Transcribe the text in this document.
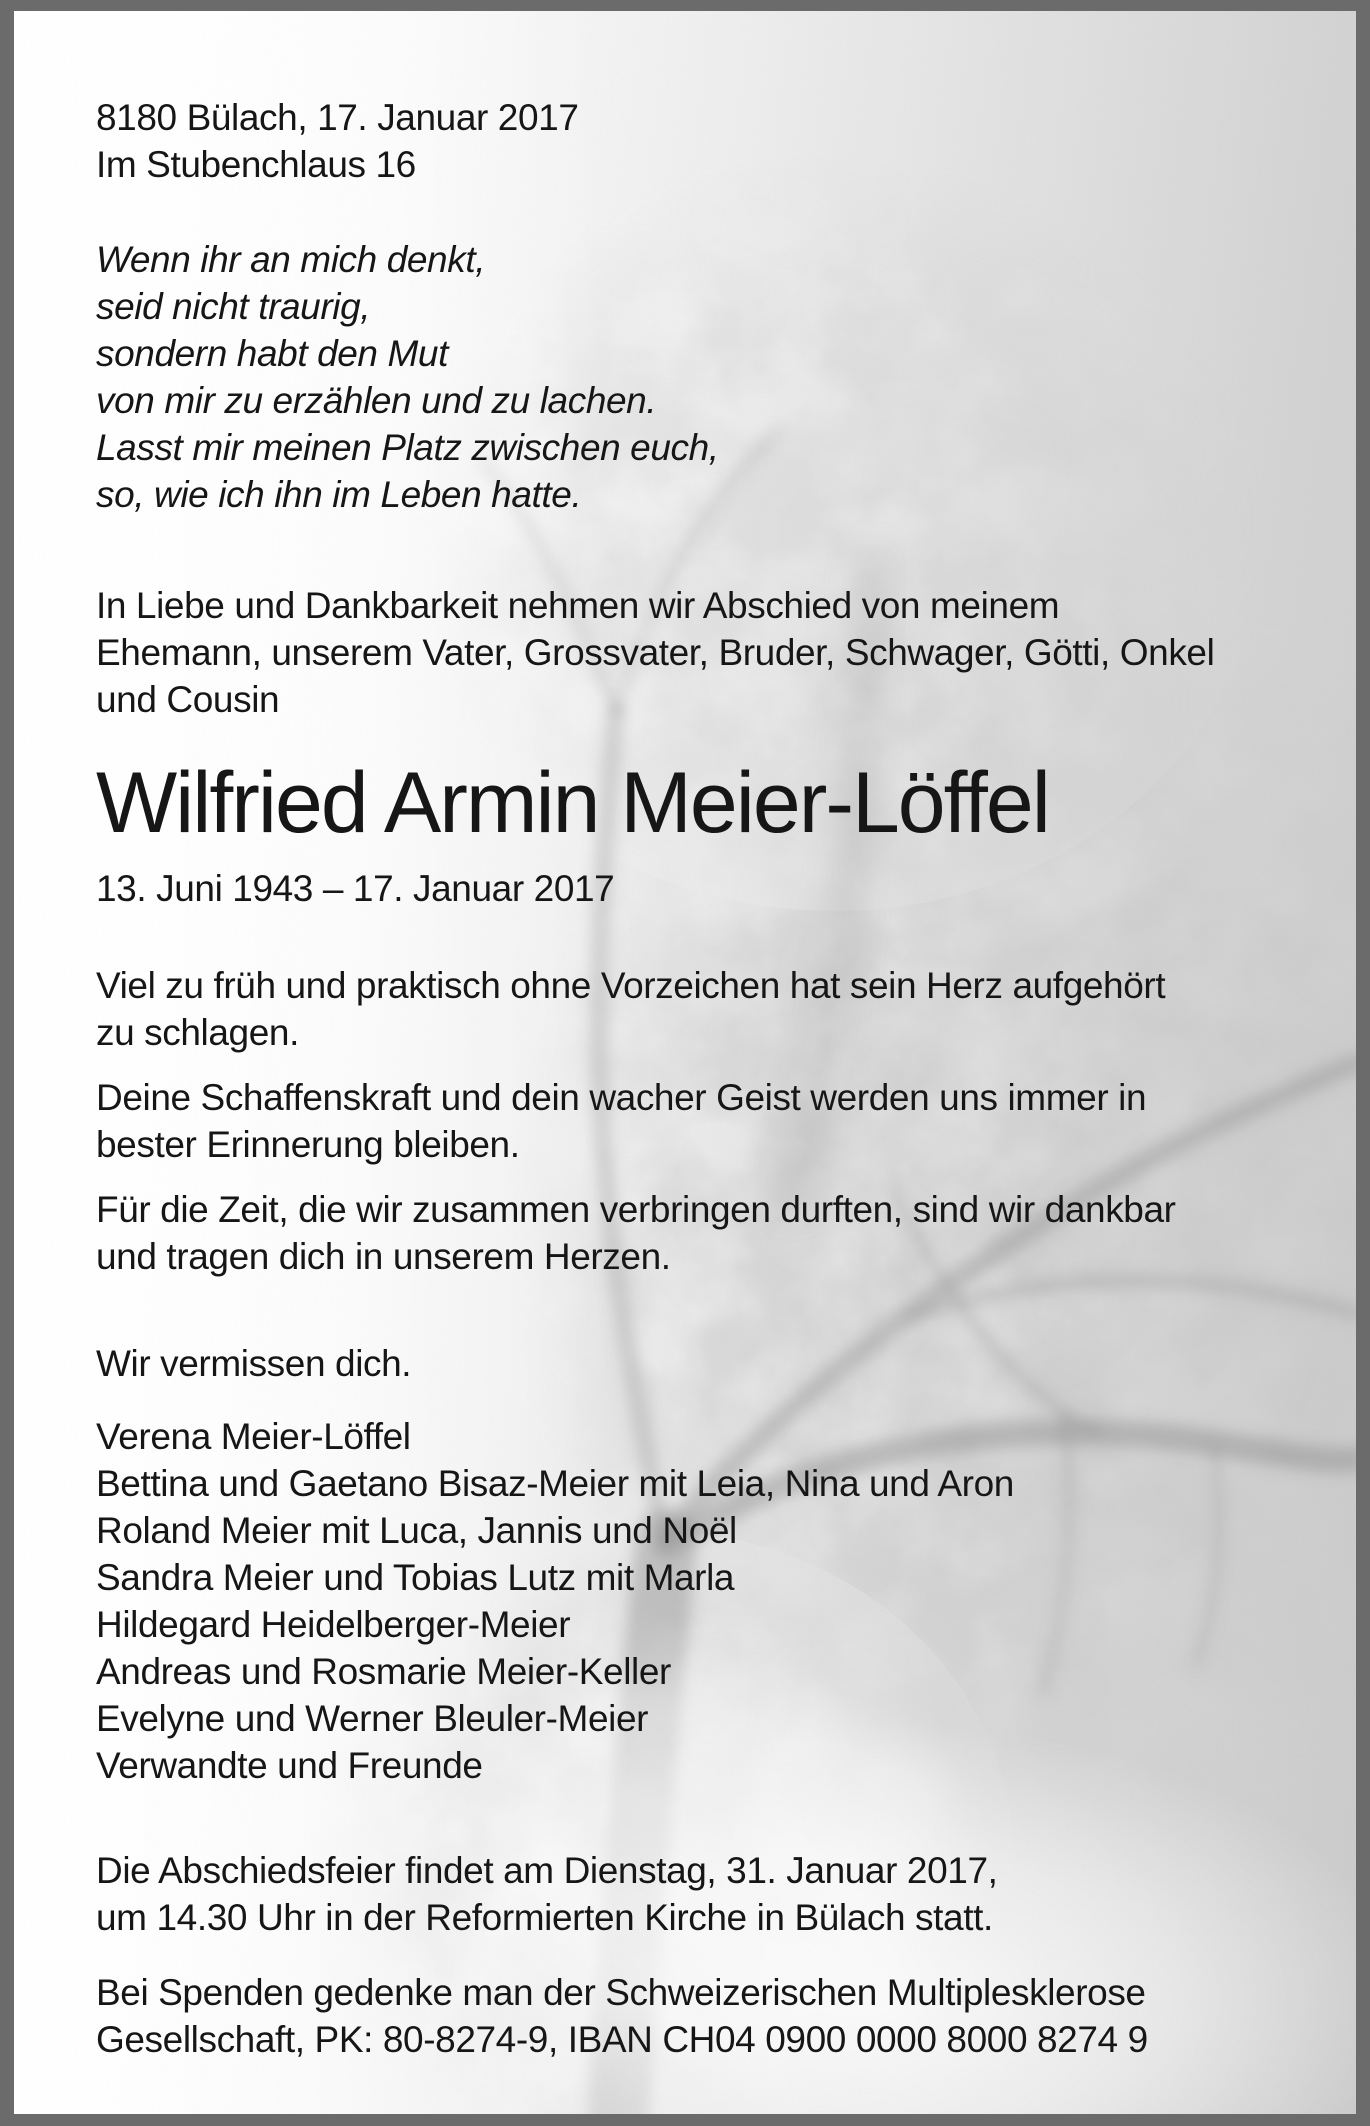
8180 Bülach, 17. Januar 2017
Im Stubenchlaus 16
Wenn ihr an mich denkt,
seid nicht traurig,
sondern habt den Mut
von mir zu erzählen und zu lachen.
Lasst mir meinen Platz zwischen euch,
so, wie ich ihn im Leben hatte.
In Liebe und Dankbarkeit nehmen wir Abschied von meinem
Ehemann, unserem Vater, Grossvater, Bruder, Schwager, Götti, Onkel
und Cousin
Wilfried Armin Meier-Löffel
13. Juni 1943 – 17. Januar 2017
Viel zu früh und praktisch ohne Vorzeichen hat sein Herz aufgehört
zu schlagen.
Deine Schaffenskraft und dein wacher Geist werden uns immer in
bester Erinnerung bleiben.
Für die Zeit, die wir zusammen verbringen durften, sind wir dankbar
und tragen dich in unserem Herzen.
Wir vermissen dich.
Verena Meier-Löffel
Bettina und Gaetano Bisaz-Meier mit Leia, Nina und Aron
Roland Meier mit Luca, Jannis und Noël
Sandra Meier und Tobias Lutz mit Marla
Hildegard Heidelberger-Meier
Andreas und Rosmarie Meier-Keller
Evelyne und Werner Bleuler-Meier
Verwandte und Freunde
Die Abschiedsfeier findet am Dienstag, 31. Januar 2017,
um 14.30 Uhr in der Reformierten Kirche in Bülach statt.
Bei Spenden gedenke man der Schweizerischen Multiplesklerose
Gesellschaft, PK: 80-8274-9, IBAN CH04 0900 0000 8000 8274 9
